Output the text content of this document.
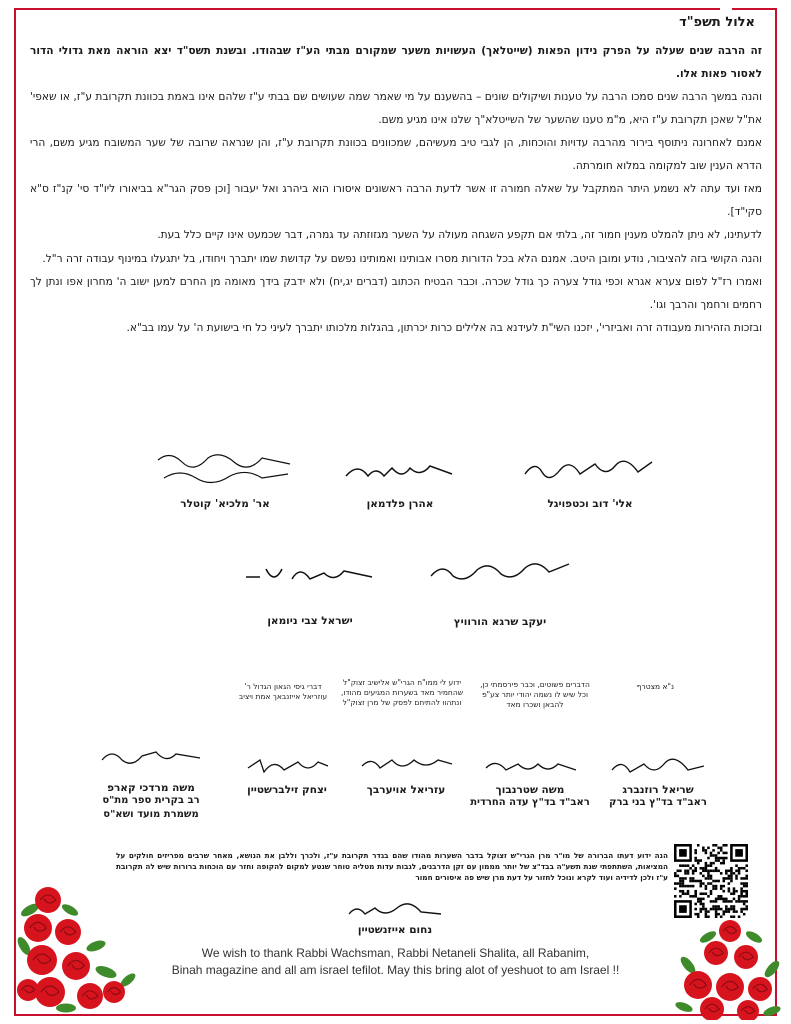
אלול תשפ"ד

זה הרבה שנים שעלה על הפרק נידון הפאות (שייטלאך) העשויות משער שמקורם מבתי הע"ז שבהודו. ובשנת תשס"ד יצא הוראה מאת גדולי הדור לאסור פאות אלו.

והנה במשך הרבה שנים סמכו הרבה על טענות ושיקולים שונים – בהשענם על מי שאמר שמה שעושים שם בבתי ע"ז שלהם אינו באמת בכוונת תקרובת ע"ז, או שאפי' את"ל שאכן תקרובת ע"ז היא, מ"מ טענו שהשער של השייטלא"ך שלנו אינו מגיע משם.

אמנם לאחרונה ניתוסף בירור מהרבה עדויות והוכחות, הן לגבי טיב מעשיהם, שמכוונים בכוונת תקרובת ע"ז, והן שנראה שרובה של שער המשובח מגיע משם, הרי הדרא הענין שוב למקומה במלוא חומרתה.

מאז ועד עתה לא נשמע היתר המתקבל על שאלה חמורה זו אשר לדעת הרבה ראשונים איסורו הוא ביהרג ואל יעבור [וכן פסק הגר"א בביאורו ליו"ד סי' קנ"ז ס"א סקי"ד].

לדעתינו, לא ניתן להמלט מענין חמור זה, בלתי אם תקפע השגחה מעולה על השער מגזוזתה עד גמרה, דבר שכמעט אינו קיים כלל בעת.

והנה הקושי בזה להציבור, נודע ומובן היטב. אמנם הלא בכל הדורות מסרו אבותינו ואמותינו נפשם על קדושת שמו יתברך ויחודו, בל יתגעלו במינוף עבודה זרה ר"ל.

ואמרו רז"ל לפום צערא אגרא וכפי גודל צערה כך גודל שכרה. וכבר הבטיח הכתוב (דברים יג,יח) ולא ידבק בידך מאומה מן החרם למען ישוב ה' מחרון אפו ונתן לך רחמים ורחמך והרבך וגו'.

ובזכות הזהירות מעבודה זרה ואביזרי', יזכנו השי"ת לעידנא בה אלילים כרות יכרתון, בהגלות מלכותו יתברך לעיני כל חי בישועת ה' על עמו בב"א.

אלי' דוב וכטפויגל
אהרן פלדמאן
אר' מלכיא' קוטלר
יעקב שרגא הורוויץ
ישראל צבי ניומאן
נ"א מצטרף
הדברים פשוטים, וכבר פירסמתי כן, וכל שיש לו נשמה יהודי יותר צע"פ להבאן ושכרו מאד
ידוע לי ממו"ח הגרי"ש אלישיב זצוק"ל שהחמיר מאד בשערות המגיעים מהודו, ונתהוו להתיחם לפסק של מרן זצוק"ל
דברי גיסי הגאון הגדול ר' עוזריאל אייזנבאך אמת ויציב
שריאל רוזנברג
ראב"ד בד"ץ בני ברק
משה שטרנבוך
ראב"ד בד"ץ עדה החרדית
עזריאל אויערבך
יצחק זילברשטיין
משה מרדכי קארפ
רב בקרית ספר מת"ס
משמרת מועד ושא"ס
הנה ידוע דעתו הברורה של מו"ר מרן הגרי"ש זצוקל בדבר השערות מהודו שהם בגדר תקרובת ע"ז, ולכרך וללבן את הנושא, מאחר שרבים מפריזים חולקים על המציאות, השתתפתי שנת תשע"ה בבד"צ של יותר מממון עם זקן הדרבנים, לגבות עדות מטליה טוחר שנטע למקום להקופה וחזר עם הוכחות ברורות שיש לה תקרובת ע"ז ולכן לדידיה ועוד לקרא ונוכל לחזור על דעת מרן שיש פה איסורים חמור
נחום אייזנשטיין
We wish to thank Rabbi Wachsman, Rabbi Netaneli Shalita, all Rabanim,
Binah magazine and all am israel tefilot. May this bring alot of yeshuot to am Israel !!
